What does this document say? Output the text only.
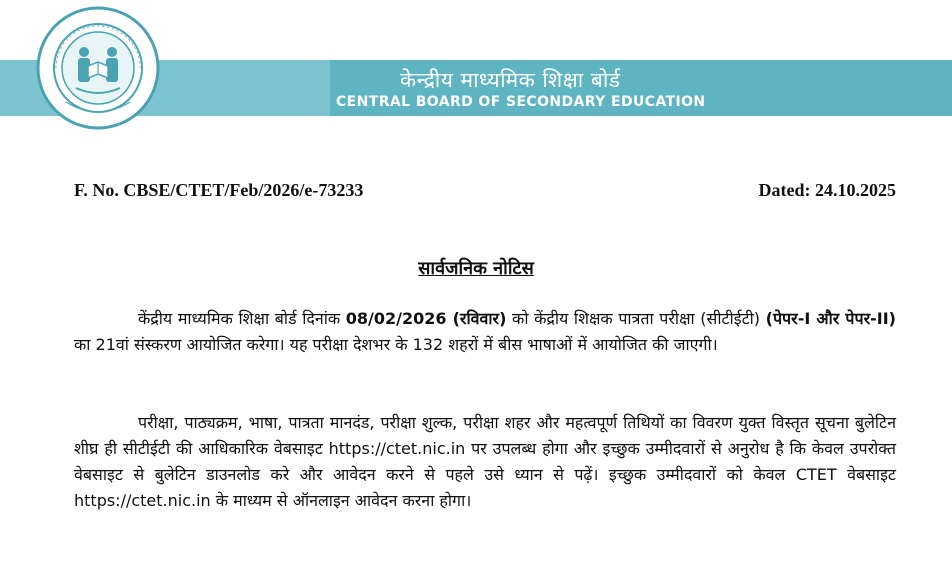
केन्द्रीय माध्यमिक शिक्षा बोर्ड
CENTRAL BOARD OF SECONDARY EDUCATION
F. No. CBSE/CTET/Feb/2026/e-73233	Dated: 24.10.2025
सार्वजनिक नोटिस

केंद्रीय माध्यमिक शिक्षा बोर्ड दिनांक 08/02/2026 (रविवार) को केंद्रीय शिक्षक पात्रता परीक्षा (सीटीईटी) (पेपर-I और पेपर-II) का 21वां संस्करण आयोजित करेगा। यह परीक्षा देशभर के 132 शहरों में बीस भाषाओं में आयोजित की जाएगी।

परीक्षा, पाठ्यक्रम, भाषा, पात्रता मानदंड, परीक्षा शुल्क, परीक्षा शहर और महत्वपूर्ण तिथियों का विवरण युक्त विस्तृत सूचना बुलेटिन शीघ्र ही सीटीईटी की आधिकारिक वेबसाइट https://ctet.nic.in पर उपलब्ध होगा और इच्छुक उम्मीदवारों से अनुरोध है कि केवल उपरोक्त वेबसाइट से बुलेटिन डाउनलोड करे और आवेदन करने से पहले उसे ध्यान से पढ़ें। इच्छुक उम्मीदवारों को केवल CTET वेबसाइट https://ctet.nic.in के माध्यम से ऑनलाइन आवेदन करना होगा।
